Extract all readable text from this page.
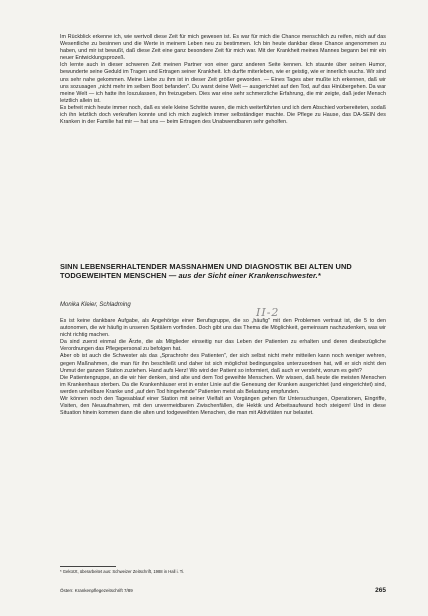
Im Rückblick erkenne ich, wie wertvoll diese Zeit für mich gewesen ist. Es war für mich die Chance menschlich zu reifen, mich auf das Wesentliche zu besinnen und die Werte in meinem Leben neu zu bestimmen. Ich bin heute dankbar diese Chance angenommen zu haben, und mir ist bewußt, daß diese Zeit eine ganz besondere Zeit für mich war. Mit der Krankheit meines Mannes begann bei mir ein neuer Entwicklungsprozeß.

Ich lernte auch in dieser schweren Zeit meinen Partner von einer ganz anderen Seite kennen. Ich staunte über seinen Humor, bewunderte seine Geduld im Tragen und Ertragen seiner Krankheit. Ich durfte miterleben, wie er geistig, wie er innerlich wuchs. Wir sind uns sehr nahe gekommen. Meine Liebe zu ihm ist in dieser Zeit größer geworden. — Eines Tages aber mußte ich erkennen, daß wir uns sozusagen „nicht mehr im selben Boot befanden". Du warst deine Welt — ausgerichtet auf den Tod, auf das Hinübergehen. Da war meine Welt — ich hatte ihn loszulassen, ihn freizugeben. Dies war eine sehr schmerzliche Erfahrung, die mir zeigte, daß jeder Mensch letztlich allein ist.

Es befreit mich heute immer noch, daß es viele kleine Schritte waren, die mich weiterführten und ich dem Abschied vorbereiteten, sodaß ich ihn letztlich doch verkraften konnte und ich mich zugleich immer selbständiger machte. Die Pflege zu Hause, das DA-SEIN des Kranken in der Familie hat mir — hat uns — beim Ertragen des Unabwendbaren sehr geholfen.

SINN LEBENSERHALTENDER MASSNAHMEN UND DIAGNOSTIK BEI ALTEN UND TODGEWEIHTEN MENSCHEN — aus der Sicht einer Krankenschwester.*

Monika Kleier, Schladming

II-2

Es ist keine dankbare Aufgabe, als Angehörige einer Berufsgruppe, die so „häufig" mit den Problemen vertraut ist, die 5 to den autonomen, die wir häufig in unseren Spitälern vorfinden. Doch gibt uns das Thema die Möglichkeit, gemeinsam nachzudenken, was wir nicht richtig machen.

Da sind zuerst einmal die Ärzte, die als Mitglieder einseitig nur das Leben der Patienten zu erhalten und deren diesbezügliche Verordnungen das Pflegepersonal zu befolgen hat.

Aber ob ist auch die Schwester als das „Sprachrohr des Patienten", der sich selbst nicht mehr mitteilen kann noch weniger wehren, gegen Maßnahmen, die man für ihn beschließt und daher ist sich möglichst bedingungslos unterzuordnen hat, will er sich nicht den Unmut der ganzen Station zuziehen. Hand aufs Herz! Wo wird der Patient so informiert, daß auch er versteht, worum es geht?

Die Patientengruppe, an die wir hier denken, sind alte und dem Tod geweihte Menschen. Wir wissen, daß heute die meisten Menschen im Krankenhaus sterben. Da die Krankenhäuser erst in erster Linie auf die Genesung der Kranken ausgerichtet (und eingerichtet) sind, werden unheilbare Kranke und „auf den Tod hingehende" Patienten meist als Belastung empfunden.

Wir können noch den Tagesablauf einer Station mit seiner Vielfalt an Vorgängen gehen für Untersuchungen, Operationen, Eingriffe, Visiten, den Neuaufnahmen, mit den unvermeidbaren Zwischenfällen, die Hektik und Arbeitsaufwand hoch steigern! Und in diese Situation hinein kommen dann die alten und todgeweihten Menschen, die man mit Aktivitäten nur belastet.

* Gekürzt, überarbeitet aus: Schweizer Zeitschrift, 1988 in Hall i. Ti.

Österr. Krankenpflegezeitschrift 7/89	265
